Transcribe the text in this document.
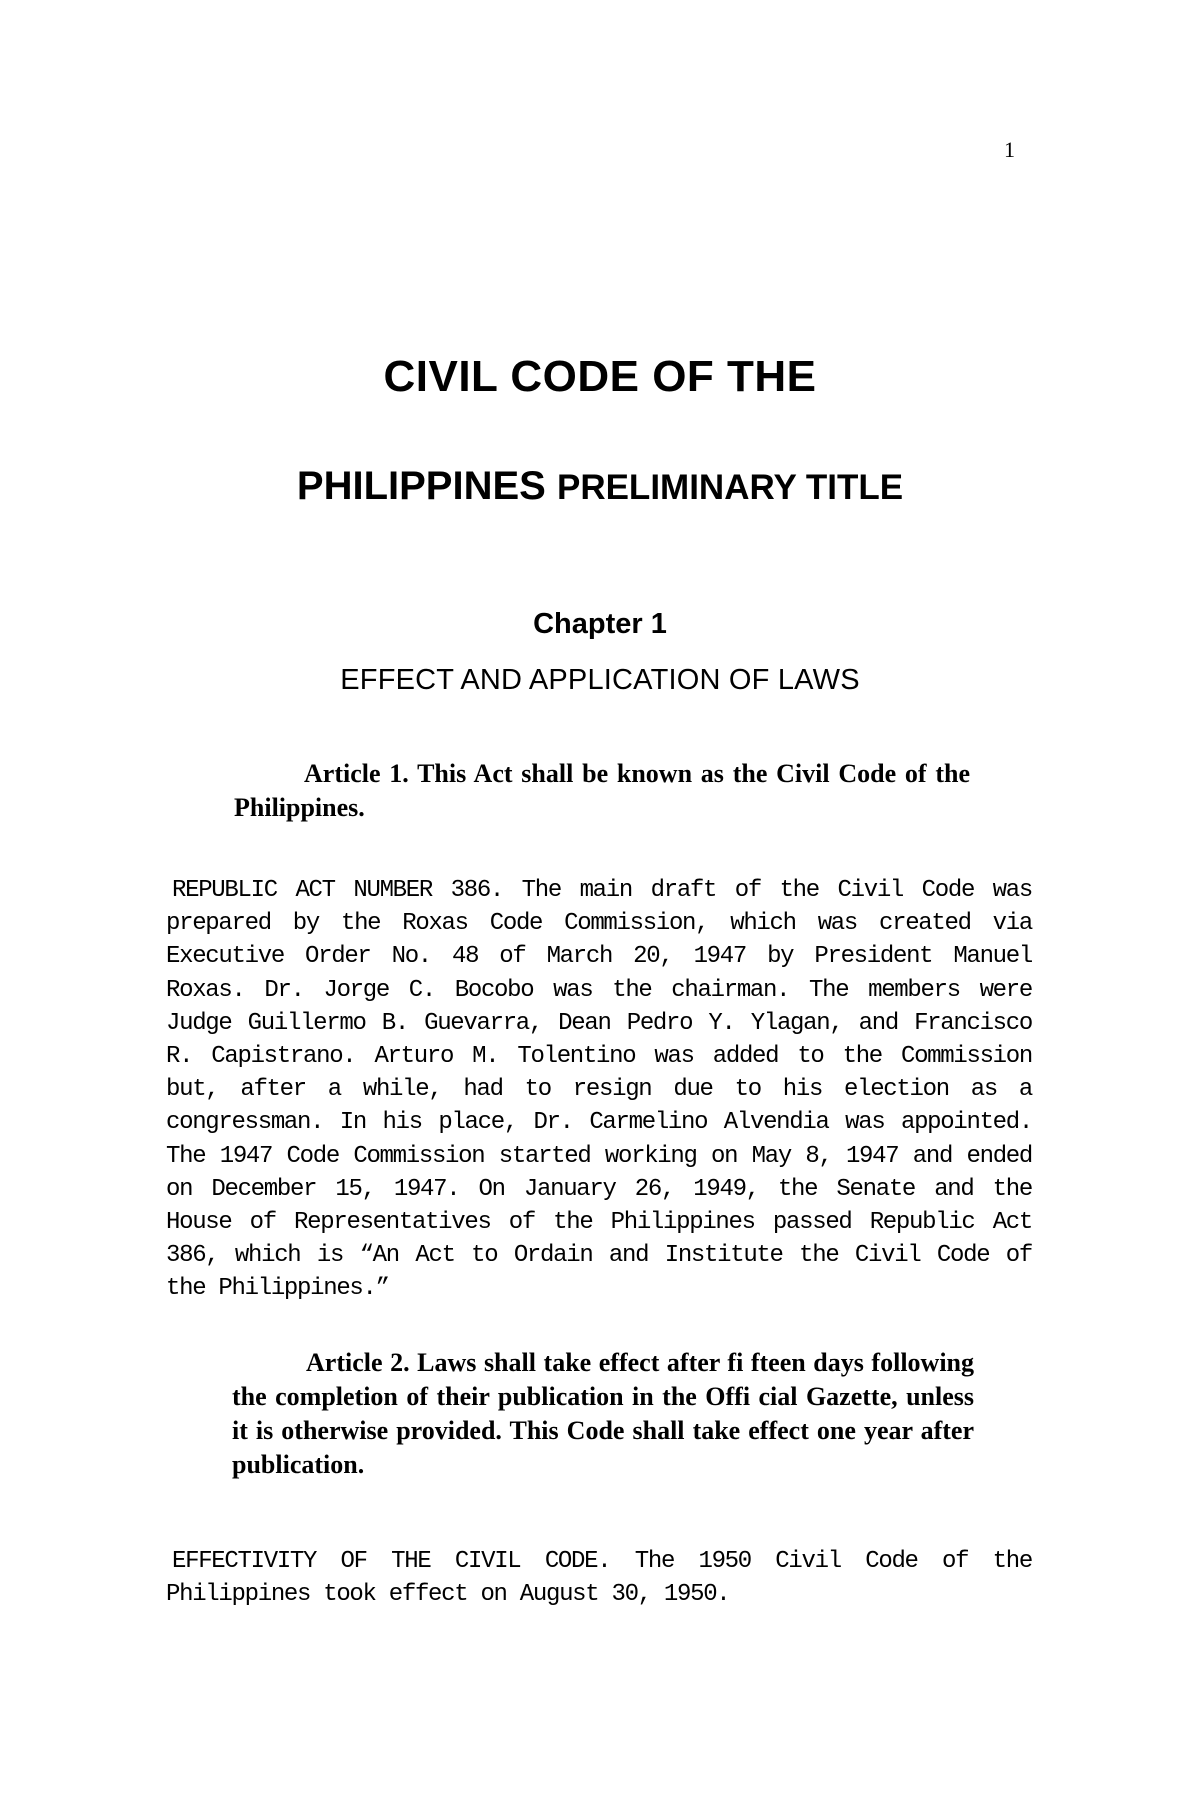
1
CIVIL CODE OF THE
PHILIPPINES PRELIMINARY TITLE
Chapter 1
EFFECT AND APPLICATION OF LAWS
Article 1. This Act shall be known as the Civil Code of the Philippines.
REPUBLIC ACT NUMBER 386. The main draft of the Civil Code was prepared by the Roxas Code Commission, which was created via Executive Order No. 48 of March 20, 1947 by President Manuel Roxas. Dr. Jorge C. Bocobo was the chairman. The members were Judge Guillermo B. Guevarra, Dean Pedro Y. Ylagan, and Francisco R. Capistrano. Arturo M. Tolentino was added to the Commission but, after a while, had to resign due to his election as a congressman. In his place, Dr. Carmelino Alvendia was appointed. The 1947 Code Commission started working on May 8, 1947 and ended on December 15, 1947. On January 26, 1949, the Senate and the House of Representatives of the Philippines passed Republic Act 386, which is “An Act to Ordain and Institute the Civil Code of the Philippines.”
Article 2. Laws shall take effect after fi fteen days following the completion of their publication in the Offi cial Gazette, unless it is otherwise provided. This Code shall take effect one year after publication.
EFFECTIVITY OF THE CIVIL CODE. The 1950 Civil Code of the Philippines took effect on August 30, 1950.
